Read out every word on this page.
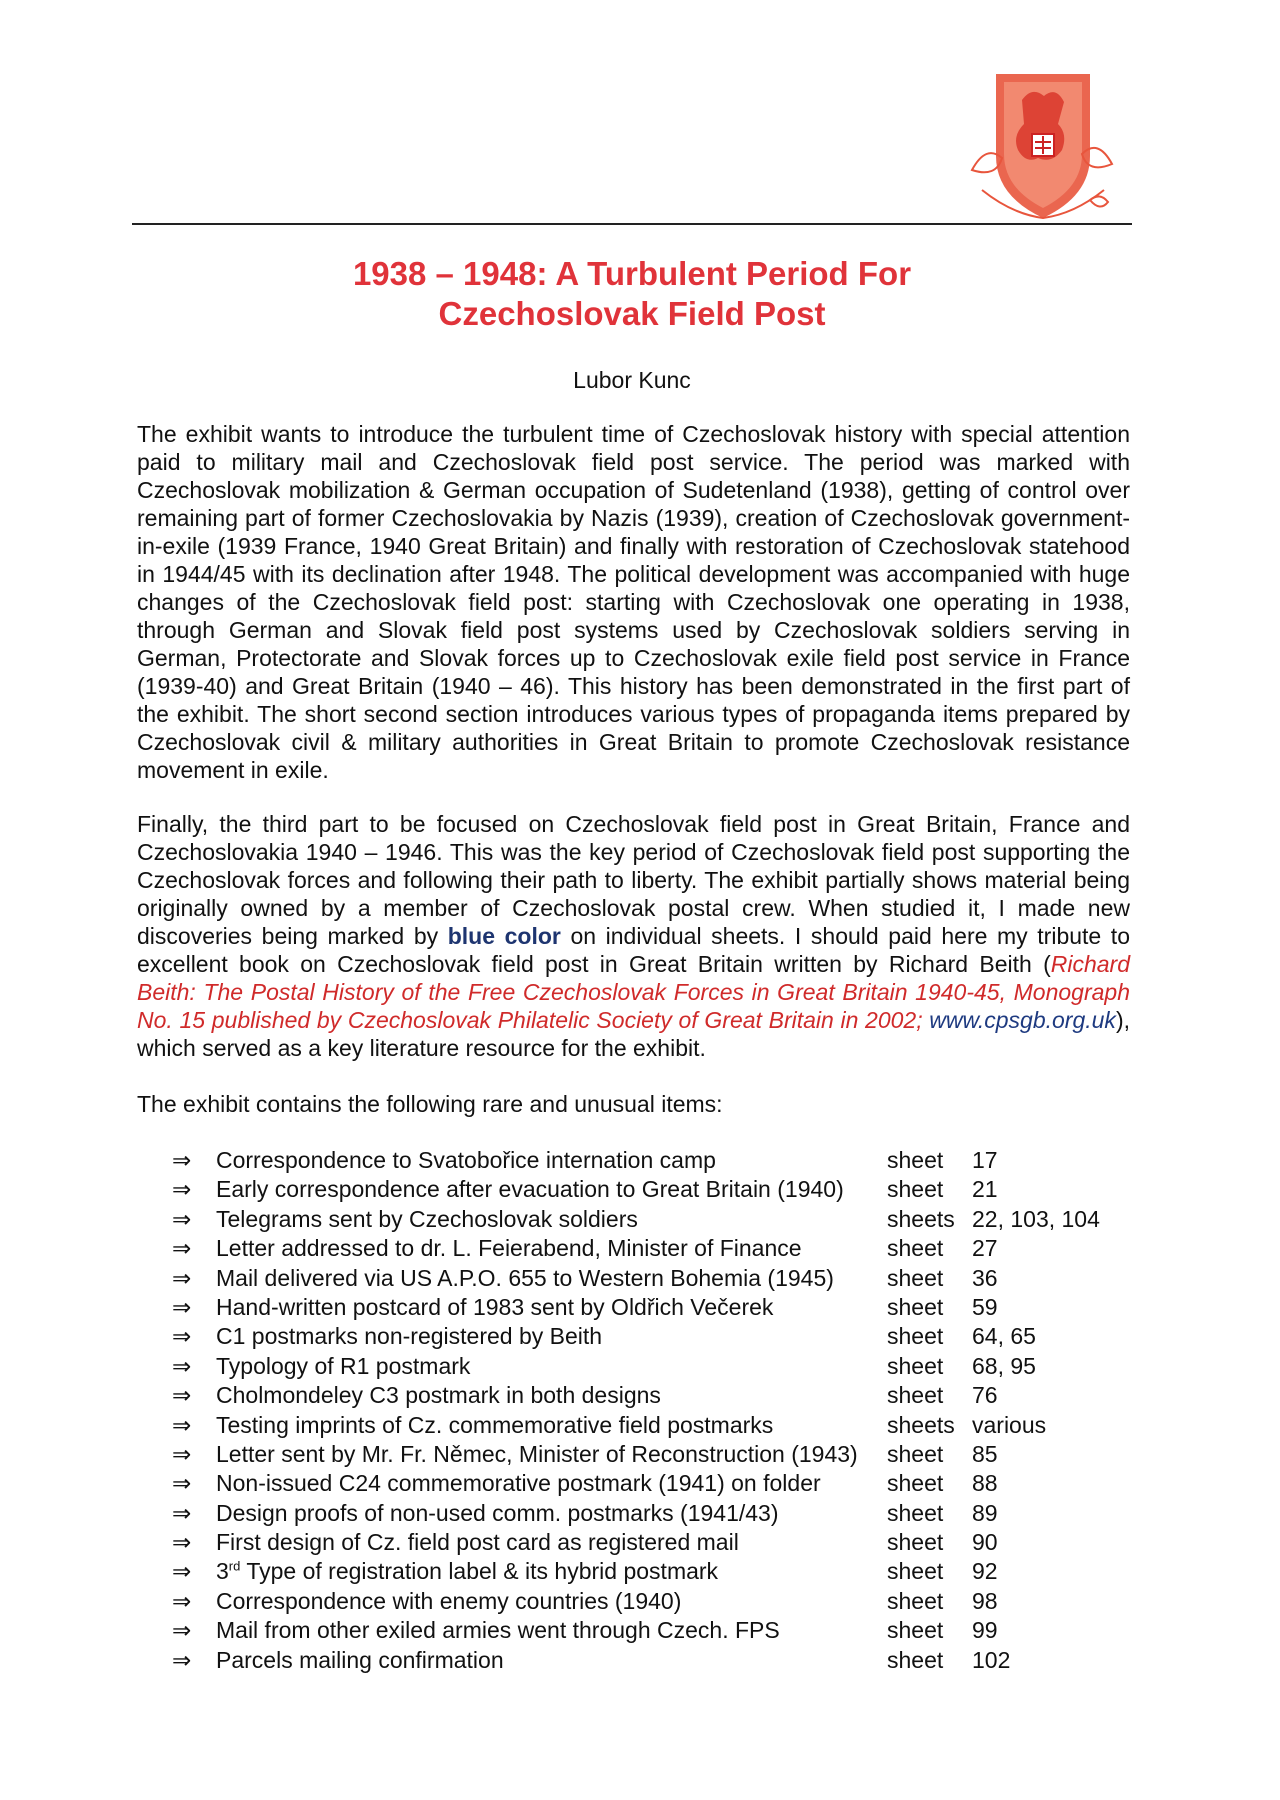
1938 – 1948: A Turbulent Period For
Czechoslovak Field Post
Lubor Kunc

The exhibit wants to introduce the turbulent time of Czechoslovak history with special attention paid to military mail and Czechoslovak field post service. The period was marked with Czechoslovak mobilization & German occupation of Sudetenland (1938), getting of control over remaining part of former Czechoslovakia by Nazis (1939), creation of Czechoslovak government-in-exile (1939 France, 1940 Great Britain) and finally with restoration of Czechoslovak statehood in 1944/45 with its declination after 1948. The political development was accompanied with huge changes of the Czechoslovak field post: starting with Czechoslovak one operating in 1938, through German and Slovak field post systems used by Czechoslovak soldiers serving in German, Protectorate and Slovak forces up to Czechoslovak exile field post service in France (1939-40) and Great Britain (1940 – 46). This history has been demonstrated in the first part of the exhibit. The short second section introduces various types of propaganda items prepared by Czechoslovak civil & military authorities in Great Britain to promote Czechoslovak resistance movement in exile.

Finally, the third part to be focused on Czechoslovak field post in Great Britain, France and Czechoslovakia 1940 – 1946. This was the key period of Czechoslovak field post supporting the Czechoslovak forces and following their path to liberty. The exhibit partially shows material being originally owned by a member of Czechoslovak postal crew. When studied it, I made new discoveries being marked by blue color on individual sheets. I should paid here my tribute to excellent book on Czechoslovak field post in Great Britain written by Richard Beith (Richard Beith: The Postal History of the Free Czechoslovak Forces in Great Britain 1940-45, Monograph No. 15 published by Czechoslovak Philatelic Society of Great Britain in 2002; www.cpsgb.org.uk), which served as a key literature resource for the exhibit.

The exhibit contains the following rare and unusual items:

⇒	Correspondence to Svatobořice internation camp	sheet 17
⇒	Early correspondence after evacuation to Great Britain (1940) sheet 21
⇒	Telegrams sent by Czechoslovak soldiers	sheets 22, 103, 104
⇒	Letter addressed to dr. L. Feierabend, Minister of Finance	sheet 27
⇒	Mail delivered via US A.P.O. 655 to Western Bohemia (1945) sheet 36
⇒	Hand-written postcard of 1983 sent by Oldřich Večerek	sheet 59
⇒	C1 postmarks non-registered by Beith	sheet 64, 65
⇒	Typology of R1 postmark	sheet 68, 95
⇒	Cholmondeley C3 postmark in both designs	sheet 76
⇒	Testing imprints of Cz. commemorative field postmarks	sheets various
⇒	Letter sent by Mr. Fr. Němec, Minister of Reconstruction (1943) sheet 85
⇒	Non-issued C24 commemorative postmark (1941) on folder	sheet 88
⇒	Design proofs of non-used comm. postmarks (1941/43)	sheet 89
⇒	First design of Cz. field post card as registered mail	sheet 90
⇒	3rd Type of registration label & its hybrid postmark	sheet 92
⇒	Correspondence with enemy countries (1940)	sheet 98
⇒	Mail from other exiled armies went through Czech. FPS	sheet 99
⇒	Parcels mailing confirmation	sheet 102
